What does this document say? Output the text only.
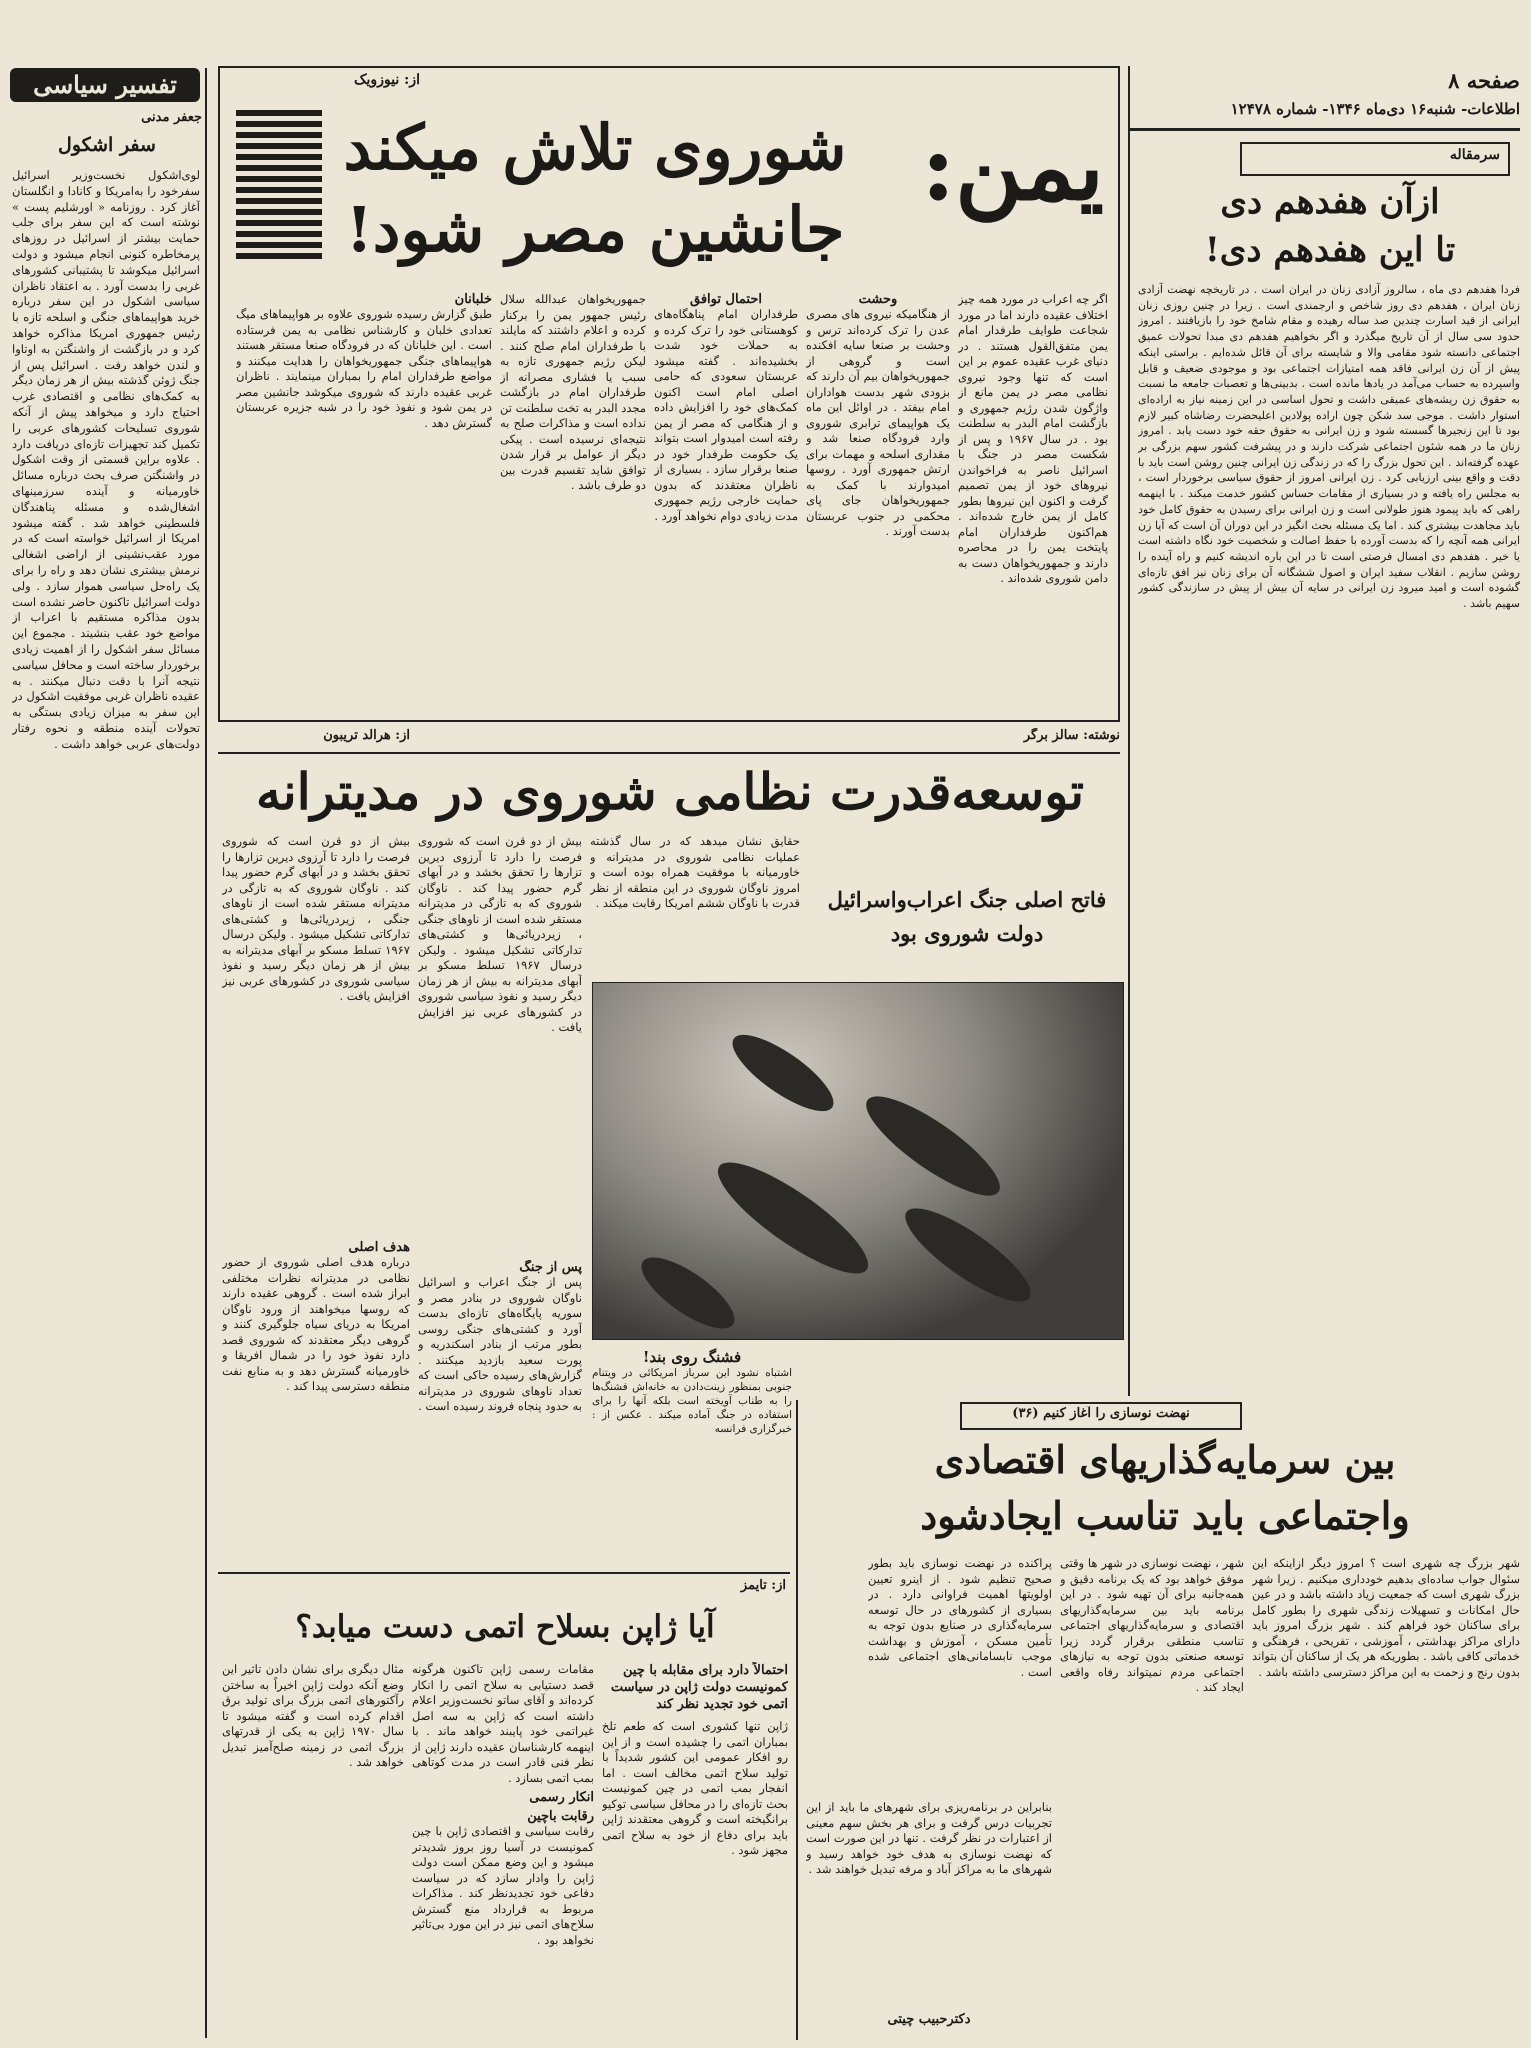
صفحه ۸
اطلاعات- شنبه۱۶ دی‌ماه ۱۳۴۶- شماره ۱۲۴۷۸
تفسیر سیاسی
جعفر مدنی
سفر اشکول
لوی‌اشکول نخست‌وزیر اسرائیل سفرخود را به‌امریکا و کانادا و انگلستان آغاز کرد . روزنامه « اورشلیم پست » نوشته است که این سفر برای جلب حمایت بیشتر از اسرائیل در روزهای پرمخاطره کنونی انجام میشود و دولت اسرائیل میکوشد تا پشتیبانی کشورهای غربی را بدست آورد . به اعتقاد ناظران سیاسی اشکول در این سفر درباره خرید هواپیماهای جنگی و اسلحه تازه با رئیس جمهوری امریکا مذاکره خواهد کرد و در بازگشت از واشنگتن به اوتاوا و لندن خواهد رفت . اسرائیل پس از جنگ ژوئن گذشته بیش از هر زمان دیگر به کمک‌های نظامی و اقتصادی غرب احتیاج دارد و میخواهد پیش از آنکه شوروی تسلیحات کشورهای عربی را تکمیل کند تجهیزات تازه‌ای دریافت دارد . علاوه براین قسمتی از وقت اشکول در واشنگتن صرف بحث درباره مسائل خاورمیانه و آینده سرزمینهای اشغال‌شده و مسئله پناهندگان فلسطینی خواهد شد . گفته میشود امریکا از اسرائیل خواسته است که در مورد عقب‌نشینی از اراضی اشغالی نرمش بیشتری نشان دهد و راه را برای یک راه‌حل سیاسی هموار سازد . ولی دولت اسرائیل تاکنون حاضر نشده است بدون مذاکره مستقیم با اعراب از مواضع خود عقب بنشیند . مجموع این مسائل سفر اشکول را از اهمیت زیادی برخوردار ساخته است و محافل سیاسی نتیجه آنرا با دقت دنبال میکنند . به عقیده ناظران غربی موفقیت اشکول در این سفر به میزان زیادی بستگی به تحولات آینده منطقه و نحوه رفتار دولت‌های عربی خواهد داشت .
از: نیوزویک
یمن:
شوروی تلاش میکند
جانشین مصر شود!
اگر چه اعراب در مورد همه چیز اختلاف عقیده دارند اما در مورد شجاعت طوایف طرفدار امام یمن متفق‌القول هستند . در دنیای غرب عقیده عموم بر این است که تنها وجود نیروی نظامی مصر در یمن مانع از واژگون شدن رژیم جمهوری و بازگشت امام البدر به سلطنت بود . در سال ۱۹۶۷ و پس از شکست مصر در جنگ با اسرائیل ناصر به فراخواندن نیروهای خود از یمن تصمیم گرفت و اکنون این نیروها بطور کامل از یمن خارج شده‌اند . هم‌اکنون طرفداران امام پایتخت یمن را در محاصره دارند و جمهوریخواهان دست به دامن شوروی شده‌اند .
وحشت
از هنگامیکه نیروی های مصری عدن را ترک کرده‌اند ترس و وحشت بر صنعا سایه افکنده است و گروهی از جمهوریخواهان بیم آن دارند که بزودی شهر بدست هواداران امام بیفتد . در اوائل این ماه یک هواپیمای ترابری شوروی وارد فرودگاه صنعا شد و مقداری اسلحه و مهمات برای ارتش جمهوری آورد . روسها امیدوارند با کمک به جمهوریخواهان جای پای محکمی در جنوب عربستان بدست آورند .
احتمال توافق
طرفداران امام پناهگاه‌های کوهستانی خود را ترک کرده و به حملات خود شدت بخشیده‌اند . گفته میشود عربستان سعودی که حامی اصلی امام است اکنون کمک‌های خود را افزایش داده و از هنگامی که مصر از یمن رفته است امیدوار است بتواند یک حکومت طرفدار خود در صنعا برقرار سازد . بسیاری از ناظران معتقدند که بدون حمایت خارجی رژیم جمهوری مدت زیادی دوام نخواهد آورد .
جمهوریخواهان عبدالله سلال رئیس جمهور یمن را برکنار کرده و اعلام داشتند که مایلند با طرفداران امام صلح کنند . لیکن رژیم جمهوری تازه به سبب یا فشاری مصرانه از طرفداران امام در بازگشت مجدد البدر به تخت سلطنت تن نداده است و مذاکرات صلح به نتیجه‌ای نرسیده است . پیکی دیگر از عوامل بر قرار شدن توافق شاید تقسیم قدرت بین دو طرف باشد .
خلبانان
طبق گزارش رسیده شوروی علاوه بر هواپیماهای میگ تعدادی خلبان و کارشناس نظامی به یمن فرستاده است . این خلبانان که در فرودگاه صنعا مستقر هستند هواپیماهای جنگی جمهوریخواهان را هدایت میکنند و مواضع طرفداران امام را بمباران مینمایند . ناظران غربی عقیده دارند که شوروی میکوشد جانشین مصر در یمن شود و نفوذ خود را در شبه جزیره عربستان گسترش دهد .
سرمقاله
ازآن هفدهم دی
تا این هفدهم دی!
فردا هفدهم دی ماه ، سالروز آزادی زنان در ایران است . در تاریخچه نهضت آزادی زنان ایران ، هفدهم دی روز شاخص و ارجمندی است . زیرا در چنین روزی زنان ایرانی از قید اسارت چندین صد ساله رهیده و مقام شامخ خود را بازیافتند . امروز حدود سی سال از آن تاریخ میگذرد و اگر بخواهیم هفدهم دی مبدا تحولات عمیق اجتماعی دانسته شود مقامی والا و شایسته برای آن قائل شده‌ایم . براستی اینکه پیش از آن زن ایرانی فاقد همه امتیازات اجتماعی بود و موجودی ضعیف و قابل واسپرده به حساب می‌آمد در یادها مانده است . بدبینی‌ها و تعصبات جامعه ما نسبت به حقوق زن ریشه‌های عمیقی داشت و تحول اساسی در این زمینه نیاز به اراده‌ای استوار داشت . موجی سد شکن چون اراده پولادین اعلیحضرت رضاشاه کبیر لازم بود تا این زنجیرها گسسته شود و زن ایرانی به حقوق حقه خود دست یابد . امروز زنان ما در همه شئون اجتماعی شرکت دارند و در پیشرفت کشور سهم بزرگی بر عهده گرفته‌اند . این تحول بزرگ را که در زندگی زن ایرانی چنین روشن است باید با دقت و واقع بینی ارزیابی کرد . زن ایرانی امروز از حقوق سیاسی برخوردار است ، به مجلس راه یافته و در بسیاری از مقامات حساس کشور خدمت میکند . با اینهمه راهی که باید پیمود هنوز طولانی است و زن ایرانی برای رسیدن به حقوق کامل خود باید مجاهدت بیشتری کند . اما یک مسئله بحث انگیز در این دوران آن است که آیا زن ایرانی همه آنچه را که بدست آورده با حفظ اصالت و شخصیت خود نگاه داشته است یا خیر . هفدهم دی امسال فرصتی است تا در این باره اندیشه کنیم و راه آینده را روشن سازیم . انقلاب سفید ایران و اصول ششگانه آن برای زنان نیز افق تازه‌ای گشوده است و امید میرود زن ایرانی در سایه آن بیش از پیش در سازندگی کشور سهیم باشد .
نوشته: سالز برگر
از: هرالد تریبون
توسعه‌قدرت نظامی شوروی در مدیترانه
فاتح اصلی جنگ اعراب‌واسرائیل
دولت شوروی بود
حقایق نشان میدهد که در سال گذشته عملیات نظامی شوروی در مدیترانه و خاورمیانه با موفقیت همراه بوده است و امروز ناوگان شوروی در این منطقه از نظر قدرت با ناوگان ششم امریکا رقابت میکند .
فشنگ روی بند!
اشتباه نشود این سرباز امریکائی در ویتنام جنوبی بمنظور زینت‌دادن به خانه‌اش فشنگ‌ها را به طناب آویخته است بلکه آنها را برای استفاده در جنگ آماده میکند . عکس از : خبرگزاری فرانسه
بیش از دو قرن است که شوروی فرصت را دارد تا آرزوی دیرین تزارها را تحقق بخشد و در آبهای گرم حضور پیدا کند . ناوگان شوروی که به تازگی در مدیترانه مستقر شده است از ناوهای جنگی ، زیردریائی‌ها و کشتی‌های تدارکاتی تشکیل میشود . ولیکن درسال ۱۹۶۷ تسلط مسکو بر آبهای مدیترانه به بیش از هر زمان دیگر رسید و نفوذ سیاسی شوروی در کشورهای عربی نیز افزایش یافت .
پس از جنگ
پس از جنگ اعراب و اسرائیل ناوگان شوروی در بنادر مصر و سوریه پایگاه‌های تازه‌ای بدست آورد و کشتی‌های جنگی روسی بطور مرتب از بنادر اسکندریه و پورت سعید بازدید میکنند . گزارش‌های رسیده حاکی است که تعداد ناوهای شوروی در مدیترانه به حدود پنجاه فروند رسیده است .
بیش از دو قرن است که شوروی فرصت را دارد تا آرزوی دیرین تزارها را تحقق بخشد و در آبهای گرم حضور پیدا کند . ناوگان شوروی که به تازگی در مدیترانه مستقر شده است از ناوهای جنگی ، زیردریائی‌ها و کشتی‌های تدارکاتی تشکیل میشود . ولیکن درسال ۱۹۶۷ تسلط مسکو بر آبهای مدیترانه به بیش از هر زمان دیگر رسید و نفوذ سیاسی شوروی در کشورهای عربی نیز افزایش یافت .
هدف اصلی
درباره هدف اصلی شوروی از حضور نظامی در مدیترانه نظرات مختلفی ابراز شده است . گروهی عقیده دارند که روسها میخواهند از ورود ناوگان امریکا به دریای سیاه جلوگیری کنند و گروهی دیگر معتقدند که شوروی قصد دارد نفوذ خود را در شمال افریقا و خاورمیانه گسترش دهد و به منابع نفت منطقه دسترسی پیدا کند .
از: تایمز
آیا ژاپن بسلاح اتمی دست میابد؟
احتمالاً دارد برای مقابله با چین کمونیست دولت ژاپن در سیاست اتمی خود تجدید نظر کند
ژاپن تنها کشوری است که طعم تلخ بمباران اتمی را چشیده است و از این رو افکار عمومی این کشور شدیداً با تولید سلاح اتمی مخالف است . اما انفجار بمب اتمی در چین کمونیست بحث تازه‌ای را در محافل سیاسی توکیو برانگیخته است و گروهی معتقدند ژاپن باید برای دفاع از خود به سلاح اتمی مجهز شود .
مقامات رسمی ژاپن تاکنون هرگونه قصد دستیابی به سلاح اتمی را انکار کرده‌اند و آقای ساتو نخست‌وزیر اعلام داشته است که ژاپن به سه اصل غیراتمی خود پایبند خواهد ماند . با اینهمه کارشناسان عقیده دارند ژاپن از نظر فنی قادر است در مدت کوتاهی بمب اتمی بسازد .
انکار رسمی
رقابت باچین
رقابت سیاسی و اقتصادی ژاپن با چین کمونیست در آسیا روز بروز شدیدتر میشود و این وضع ممکن است دولت ژاپن را وادار سازد که در سیاست دفاعی خود تجدیدنظر کند . مذاکرات مربوط به قرارداد منع گسترش سلاح‌های اتمی نیز در این مورد بی‌تاثیر نخواهد بود .
مثال دیگری برای نشان دادن تاثیر این وضع آنکه دولت ژاپن اخیراً به ساختن رآکتورهای اتمی بزرگ برای تولید برق اقدام کرده است و گفته میشود تا سال ۱۹۷۰ ژاپن به یکی از قدرتهای بزرگ اتمی در زمینه صلح‌آمیز تبدیل خواهد شد .
نهضت نوسازی را آغاز کنیم (۳۶)
بین سرمایه‌گذاریهای اقتصادی
واجتماعی باید تناسب ایجادشود
شهر بزرگ چه شهری است ؟ امروز دیگر ازاینکه این سئوال جواب ساده‌ای بدهیم خودداری میکنیم . زیرا شهر بزرگ شهری است که جمعیت زیاد داشته باشد و در عین حال امکانات و تسهیلات زندگی شهری را بطور کامل برای ساکنان خود فراهم کند . شهر بزرگ امروز باید دارای مراکز بهداشتی ، آموزشی ، تفریحی ، فرهنگی و خدماتی کافی باشد . بطوریکه هر یک از ساکنان آن بتواند بدون رنج و زحمت به این مراکز دسترسی داشته باشد .
شهر ، نهضت نوسازی در شهر ها وقتی موفق خواهد بود که یک برنامه دقیق و همه‌جانبه برای آن تهیه شود . در این برنامه باید بین سرمایه‌گذاریهای اقتصادی و سرمایه‌گذاریهای اجتماعی تناسب منطقی برقرار گردد زیرا توسعه صنعتی بدون توجه به نیازهای اجتماعی مردم نمیتواند رفاه واقعی ایجاد کند .
پراکنده در نهضت نوسازی باید بطور صحیح تنظیم شود . از اینرو تعیین اولویتها اهمیت فراوانی دارد . در بسیاری از کشورهای در حال توسعه سرمایه‌گذاری در صنایع بدون توجه به تأمین مسکن ، آموزش و بهداشت موجب نابسامانی‌های اجتماعی شده است .
بنابراین در برنامه‌ریزی برای شهرهای ما باید از این تجربیات درس گرفت و برای هر بخش سهم معینی از اعتبارات در نظر گرفت . تنها در این صورت است که نهضت نوسازی به هدف خود خواهد رسید و شهرهای ما به مراکز آباد و مرفه تبدیل خواهند شد .
دکترحبیب چیتی
